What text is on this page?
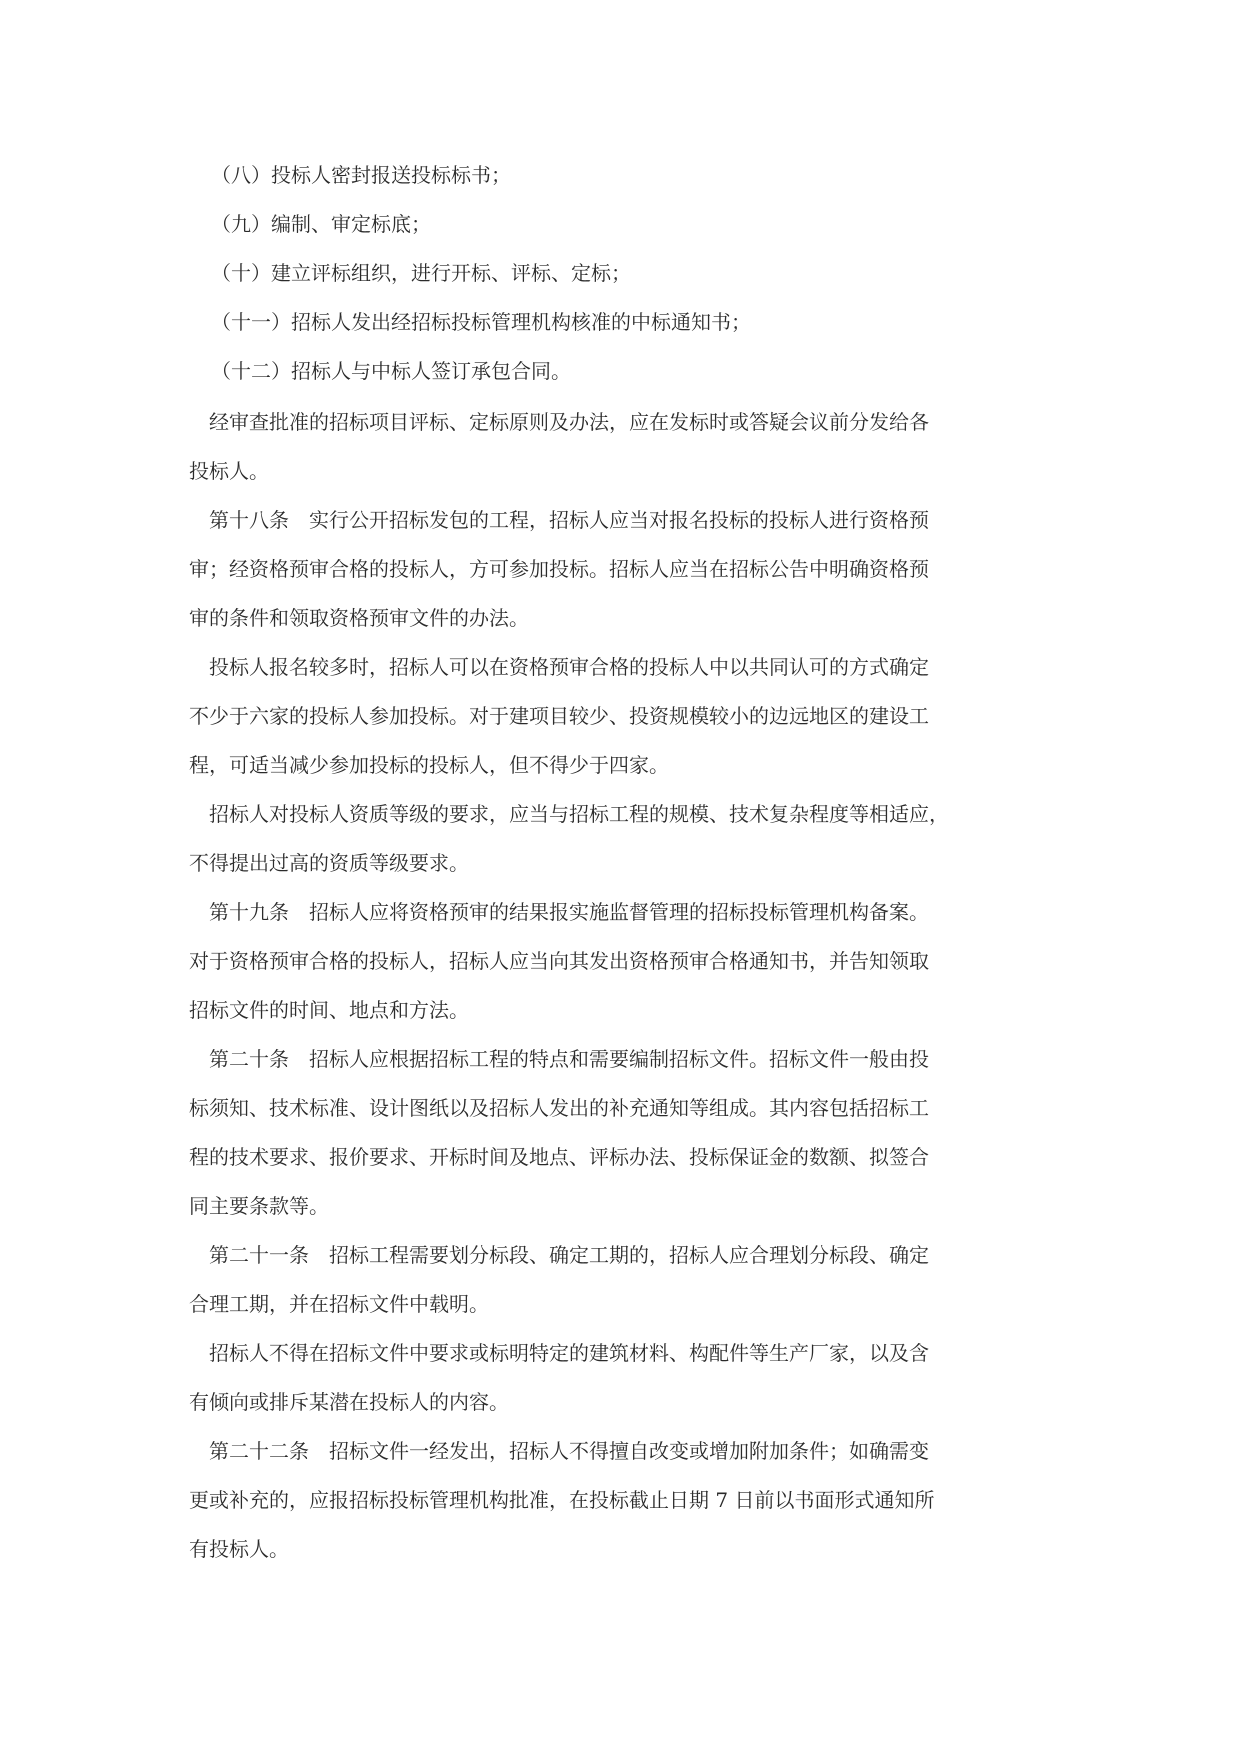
（八）投标人密封报送投标标书；
（九）编制、审定标底；
（十）建立评标组织，进行开标、评标、定标；
（十一）招标人发出经招标投标管理机构核准的中标通知书；
（十二）招标人与中标人签订承包合同。
经审查批准的招标项目评标、定标原则及办法，应在发标时或答疑会议前分发给各
投标人。
第十八条　实行公开招标发包的工程，招标人应当对报名投标的投标人进行资格预
审；经资格预审合格的投标人，方可参加投标。招标人应当在招标公告中明确资格预
审的条件和领取资格预审文件的办法。
投标人报名较多时，招标人可以在资格预审合格的投标人中以共同认可的方式确定
不少于六家的投标人参加投标。对于建项目较少、投资规模较小的边远地区的建设工
程，可适当减少参加投标的投标人，但不得少于四家。
招标人对投标人资质等级的要求，应当与招标工程的规模、技术复杂程度等相适应，
不得提出过高的资质等级要求。
第十九条　招标人应将资格预审的结果报实施监督管理的招标投标管理机构备案。
对于资格预审合格的投标人，招标人应当向其发出资格预审合格通知书，并告知领取
招标文件的时间、地点和方法。
第二十条　招标人应根据招标工程的特点和需要编制招标文件。招标文件一般由投
标须知、技术标准、设计图纸以及招标人发出的补充通知等组成。其内容包括招标工
程的技术要求、报价要求、开标时间及地点、评标办法、投标保证金的数额、拟签合
同主要条款等。
第二十一条　招标工程需要划分标段、确定工期的，招标人应合理划分标段、确定
合理工期，并在招标文件中载明。
招标人不得在招标文件中要求或标明特定的建筑材料、构配件等生产厂家，以及含
有倾向或排斥某潜在投标人的内容。
第二十二条　招标文件一经发出，招标人不得擅自改变或增加附加条件；如确需变
更或补充的，应报招标投标管理机构批准，在投标截止日期 7 日前以书面形式通知所
有投标人。
